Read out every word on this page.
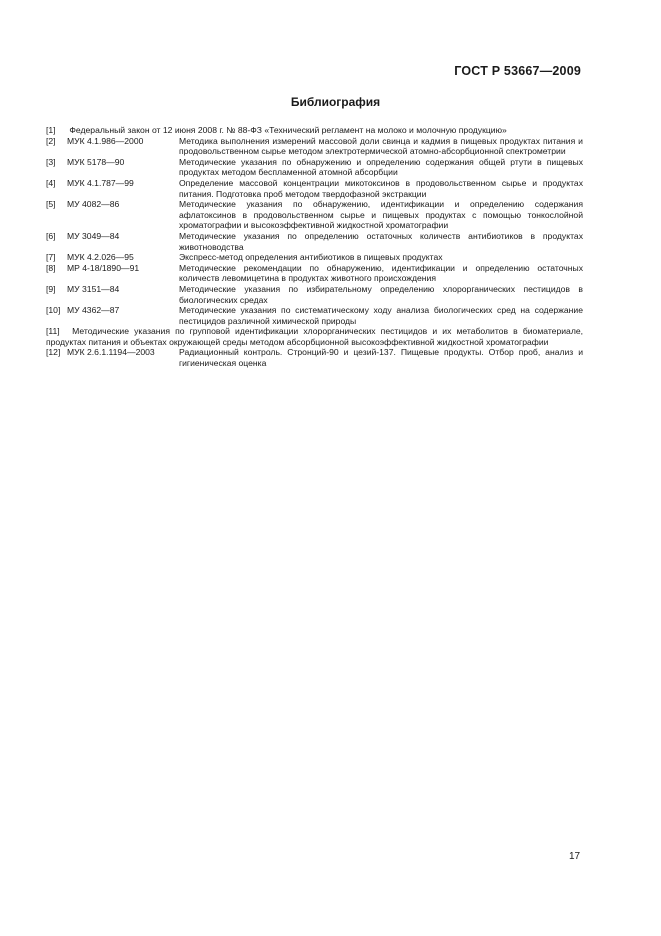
ГОСТ Р 53667—2009
Библиография
[1] Федеральный закон от 12 июня 2008 г. № 88-ФЗ «Технический регламент на молоко и молочную продукцию»
[2] МУК 4.1.986—2000	Методика выполнения измерений массовой доли свинца и кадмия в пищевых продуктах питания и продовольственном сырье методом электротермической атомно-абсорбционной спектрометрии
[3] МУК 5178—90	Методические указания по обнаружению и определению содержания общей ртути в пищевых продуктах методом беспламенной атомной абсорбции
[4] МУК 4.1.787—99	Определение массовой концентрации микотоксинов в продовольственном сырье и продуктах питания. Подготовка проб методом твердофазной экстракции
[5] МУ 4082—86	Методические указания по обнаружению, идентификации и определению содержания афлатоксинов в продовольственном сырье и пищевых продуктах с помощью тонкослойной хроматографии и высокоэффективной жидкостной хроматографии
[6] МУ 3049—84	Методические указания по определению остаточных количеств антибиотиков в продуктах животноводства
[7] МУК 4.2.026—95	Экспресс-метод определения антибиотиков в пищевых продуктах
[8] МР 4-18/1890—91	Методические рекомендации по обнаружению, идентификации и определению остаточных количеств левомицетина в продуктах животного происхождения
[9] МУ 3151—84	Методические указания по избирательному определению хлорорганических пестицидов в биологических средах
[10] МУ 4362—87	Методические указания по систематическому ходу анализа биологических сред на содержание пестицидов различной химической природы
[11] Методические указания по групповой идентификации хлорорганических пестицидов и их метаболитов в биоматериале, продуктах питания и объектах окружающей среды методом абсорбционной высокоэффективной жидкостной хроматографии
[12] МУК 2.6.1.1194—2003	Радиационный контроль. Стронций-90 и цезий-137. Пищевые продукты. Отбор проб, анализ и гигиеническая оценка
17
